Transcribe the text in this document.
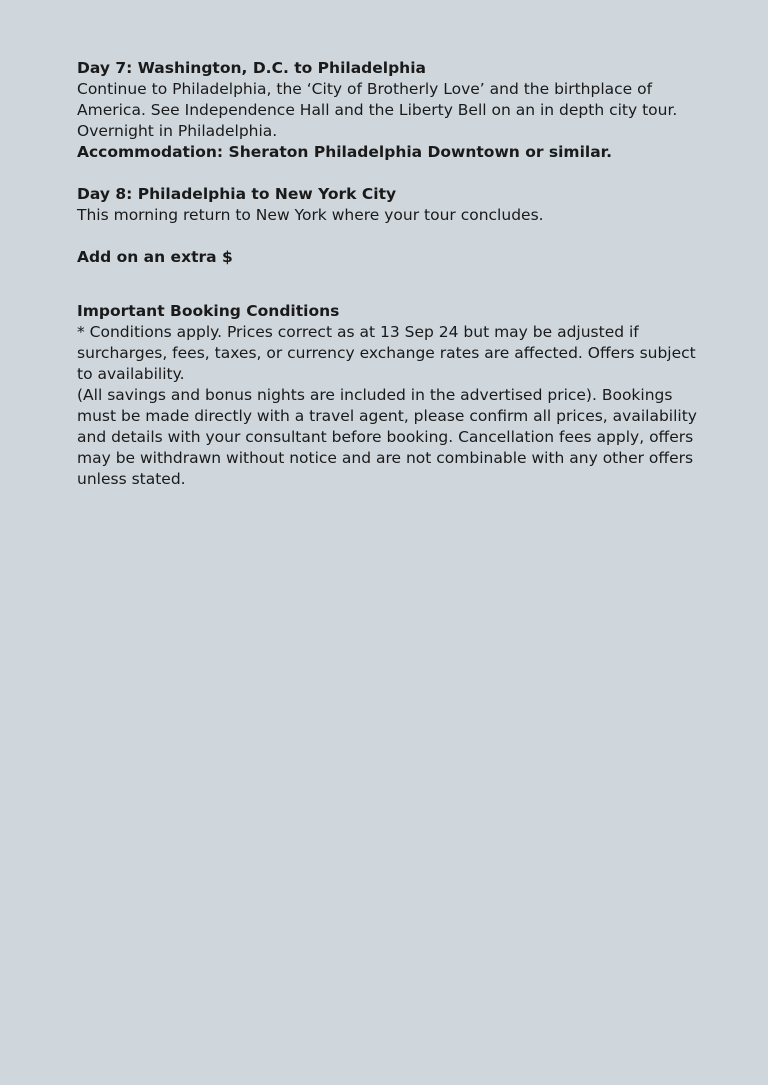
Day 7: Washington, D.C. to Philadelphia

Continue to Philadelphia, the ‘City of Brotherly Love’ and the birthplace of America. See Independence Hall and the Liberty Bell on an in depth city tour. Overnight in Philadelphia.

Accommodation: Sheraton Philadelphia Downtown or similar.

Day 8: Philadelphia to New York City

This morning return to New York where your tour concludes.

Add on an extra $

Important Booking Conditions

* Conditions apply. Prices correct as at 13 Sep 24 but may be adjusted if surcharges, fees, taxes, or currency exchange rates are affected. Offers subject to availability.

(All savings and bonus nights are included in the advertised price). Bookings must be made directly with a travel agent, please confirm all prices, availability and details with your consultant before booking. Cancellation fees apply, offers may be withdrawn without notice and are not combinable with any other offers unless stated.
